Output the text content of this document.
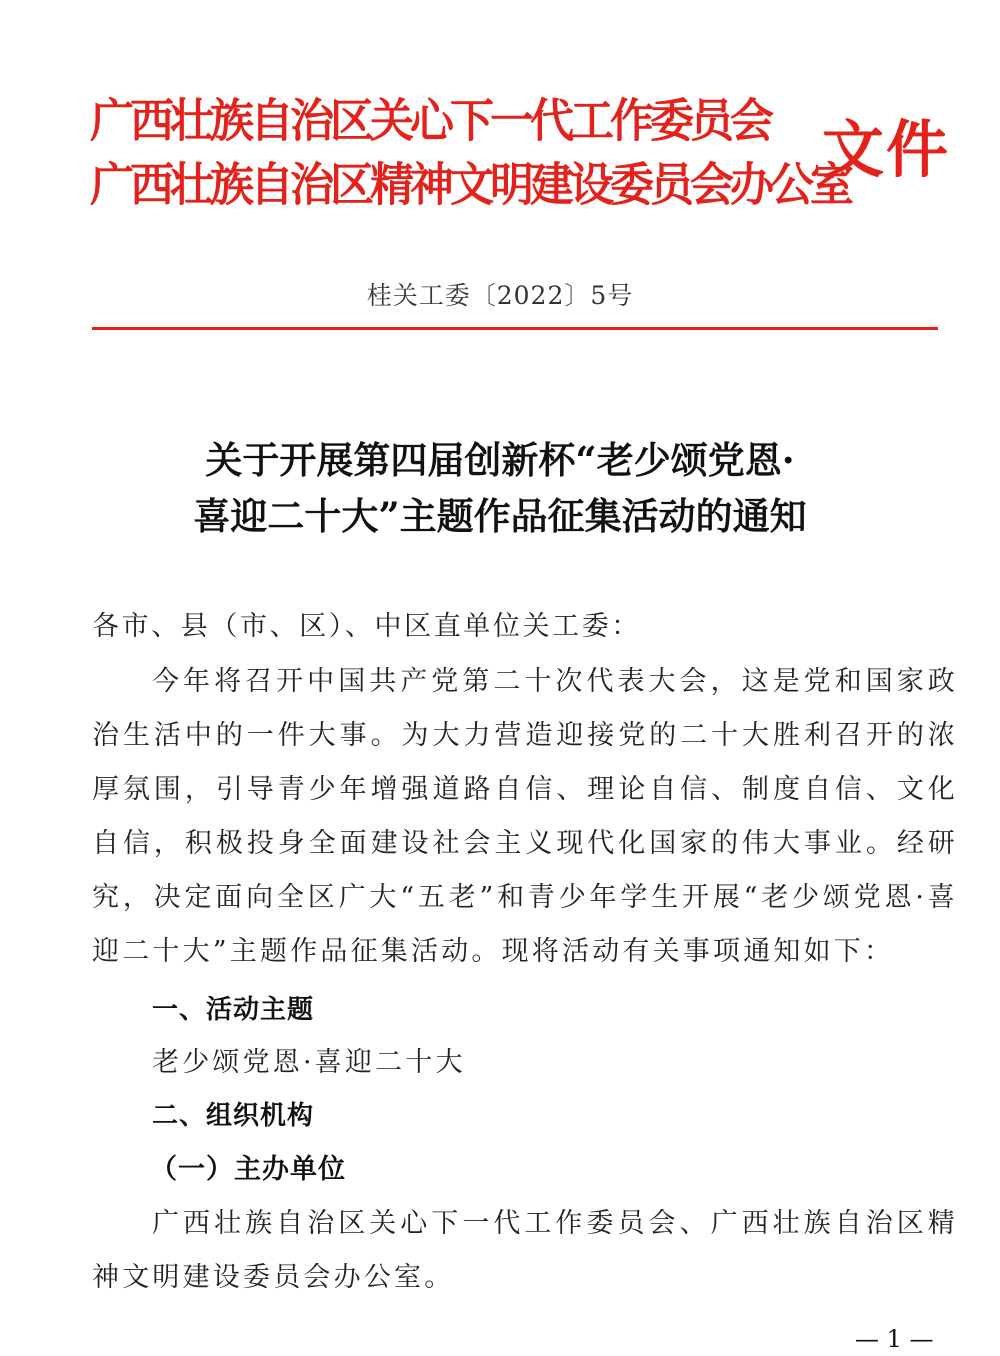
广西壮族自治区关心下一代工作委员会
广西壮族自治区精神文明建设委员会办公室
文件
桂关工委〔2022〕5号
关于开展第四届创新杯“老少颂党恩·
喜迎二十大”主题作品征集活动的通知
各市、县（市、区）、中区直单位关工委：
今年将召开中国共产党第二十次代表大会，这是党和国家政治生活中的一件大事。为大力营造迎接党的二十大胜利召开的浓厚氛围，引导青少年增强道路自信、理论自信、制度自信、文化自信，积极投身全面建设社会主义现代化国家的伟大事业。经研究，决定面向全区广大“五老”和青少年学生开展“老少颂党恩·喜迎二十大”主题作品征集活动。现将活动有关事项通知如下：
一、活动主题
老少颂党恩·喜迎二十大
二、组织机构
（一）主办单位
广西壮族自治区关心下一代工作委员会、广西壮族自治区精神文明建设委员会办公室。
— 1 —
